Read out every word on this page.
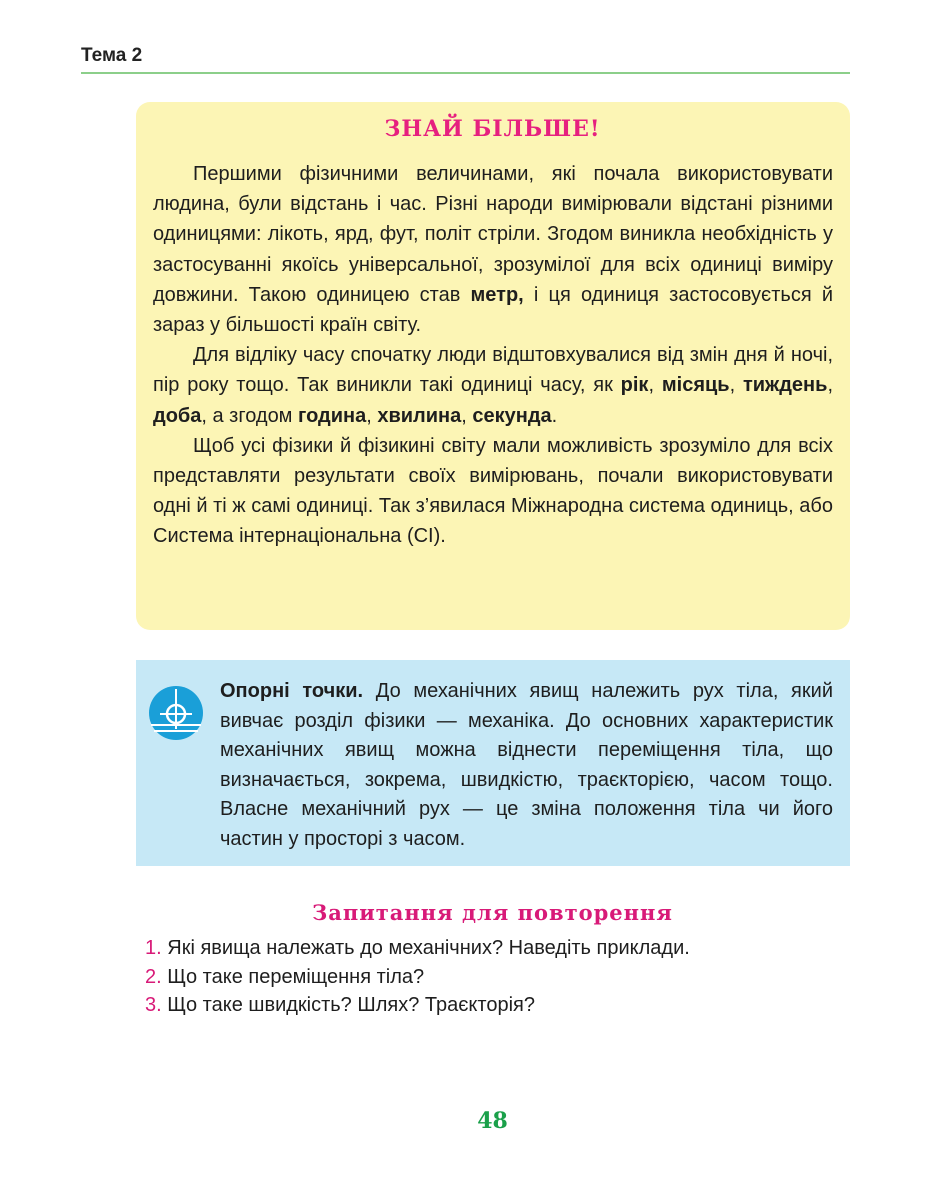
Тема 2
ЗНАЙ БІЛЬШЕ!

Першими фізичними величинами, які почала використовувати людина, були відстань і час. Різні народи вимірювали відстані різними одиницями: лікоть, ярд, фут, політ стріли. Згодом виникла необхідність у застосуванні якоїсь універсальної, зрозумілої для всіх одиниці виміру довжини. Такою одиницею став метр, і ця одиниця застосовується й зараз у більшості країн світу.

Для відліку часу спочатку люди відштовхувалися від змін дня й ночі, пір року тощо. Так виникли такі одиниці часу, як рік, місяць, тиждень, доба, а згодом година, хвилина, секунда.

Щоб усі фізики й фізикині світу мали можливість зрозуміло для всіх представляти результати своїх вимірювань, почали використовувати одні й ті ж самі одиниці. Так з’явилася Міжнародна система одиниць, або Система інтернаціональна (СІ).

Опорні точки. До механічних явищ належить рух тіла, який вивчає розділ фізики — механіка. До основних характеристик механічних явищ можна віднести переміщення тіла, що визначається, зокрема, швидкістю, траєкторією, часом тощо. Власне механічний рух — це зміна положення тіла чи його частин у просторі з часом.
Запитання для повторення
1. Які явища належать до механічних? Наведіть приклади.
2. Що таке переміщення тіла?
3. Що таке швидкість? Шлях? Траєкторія?
48
